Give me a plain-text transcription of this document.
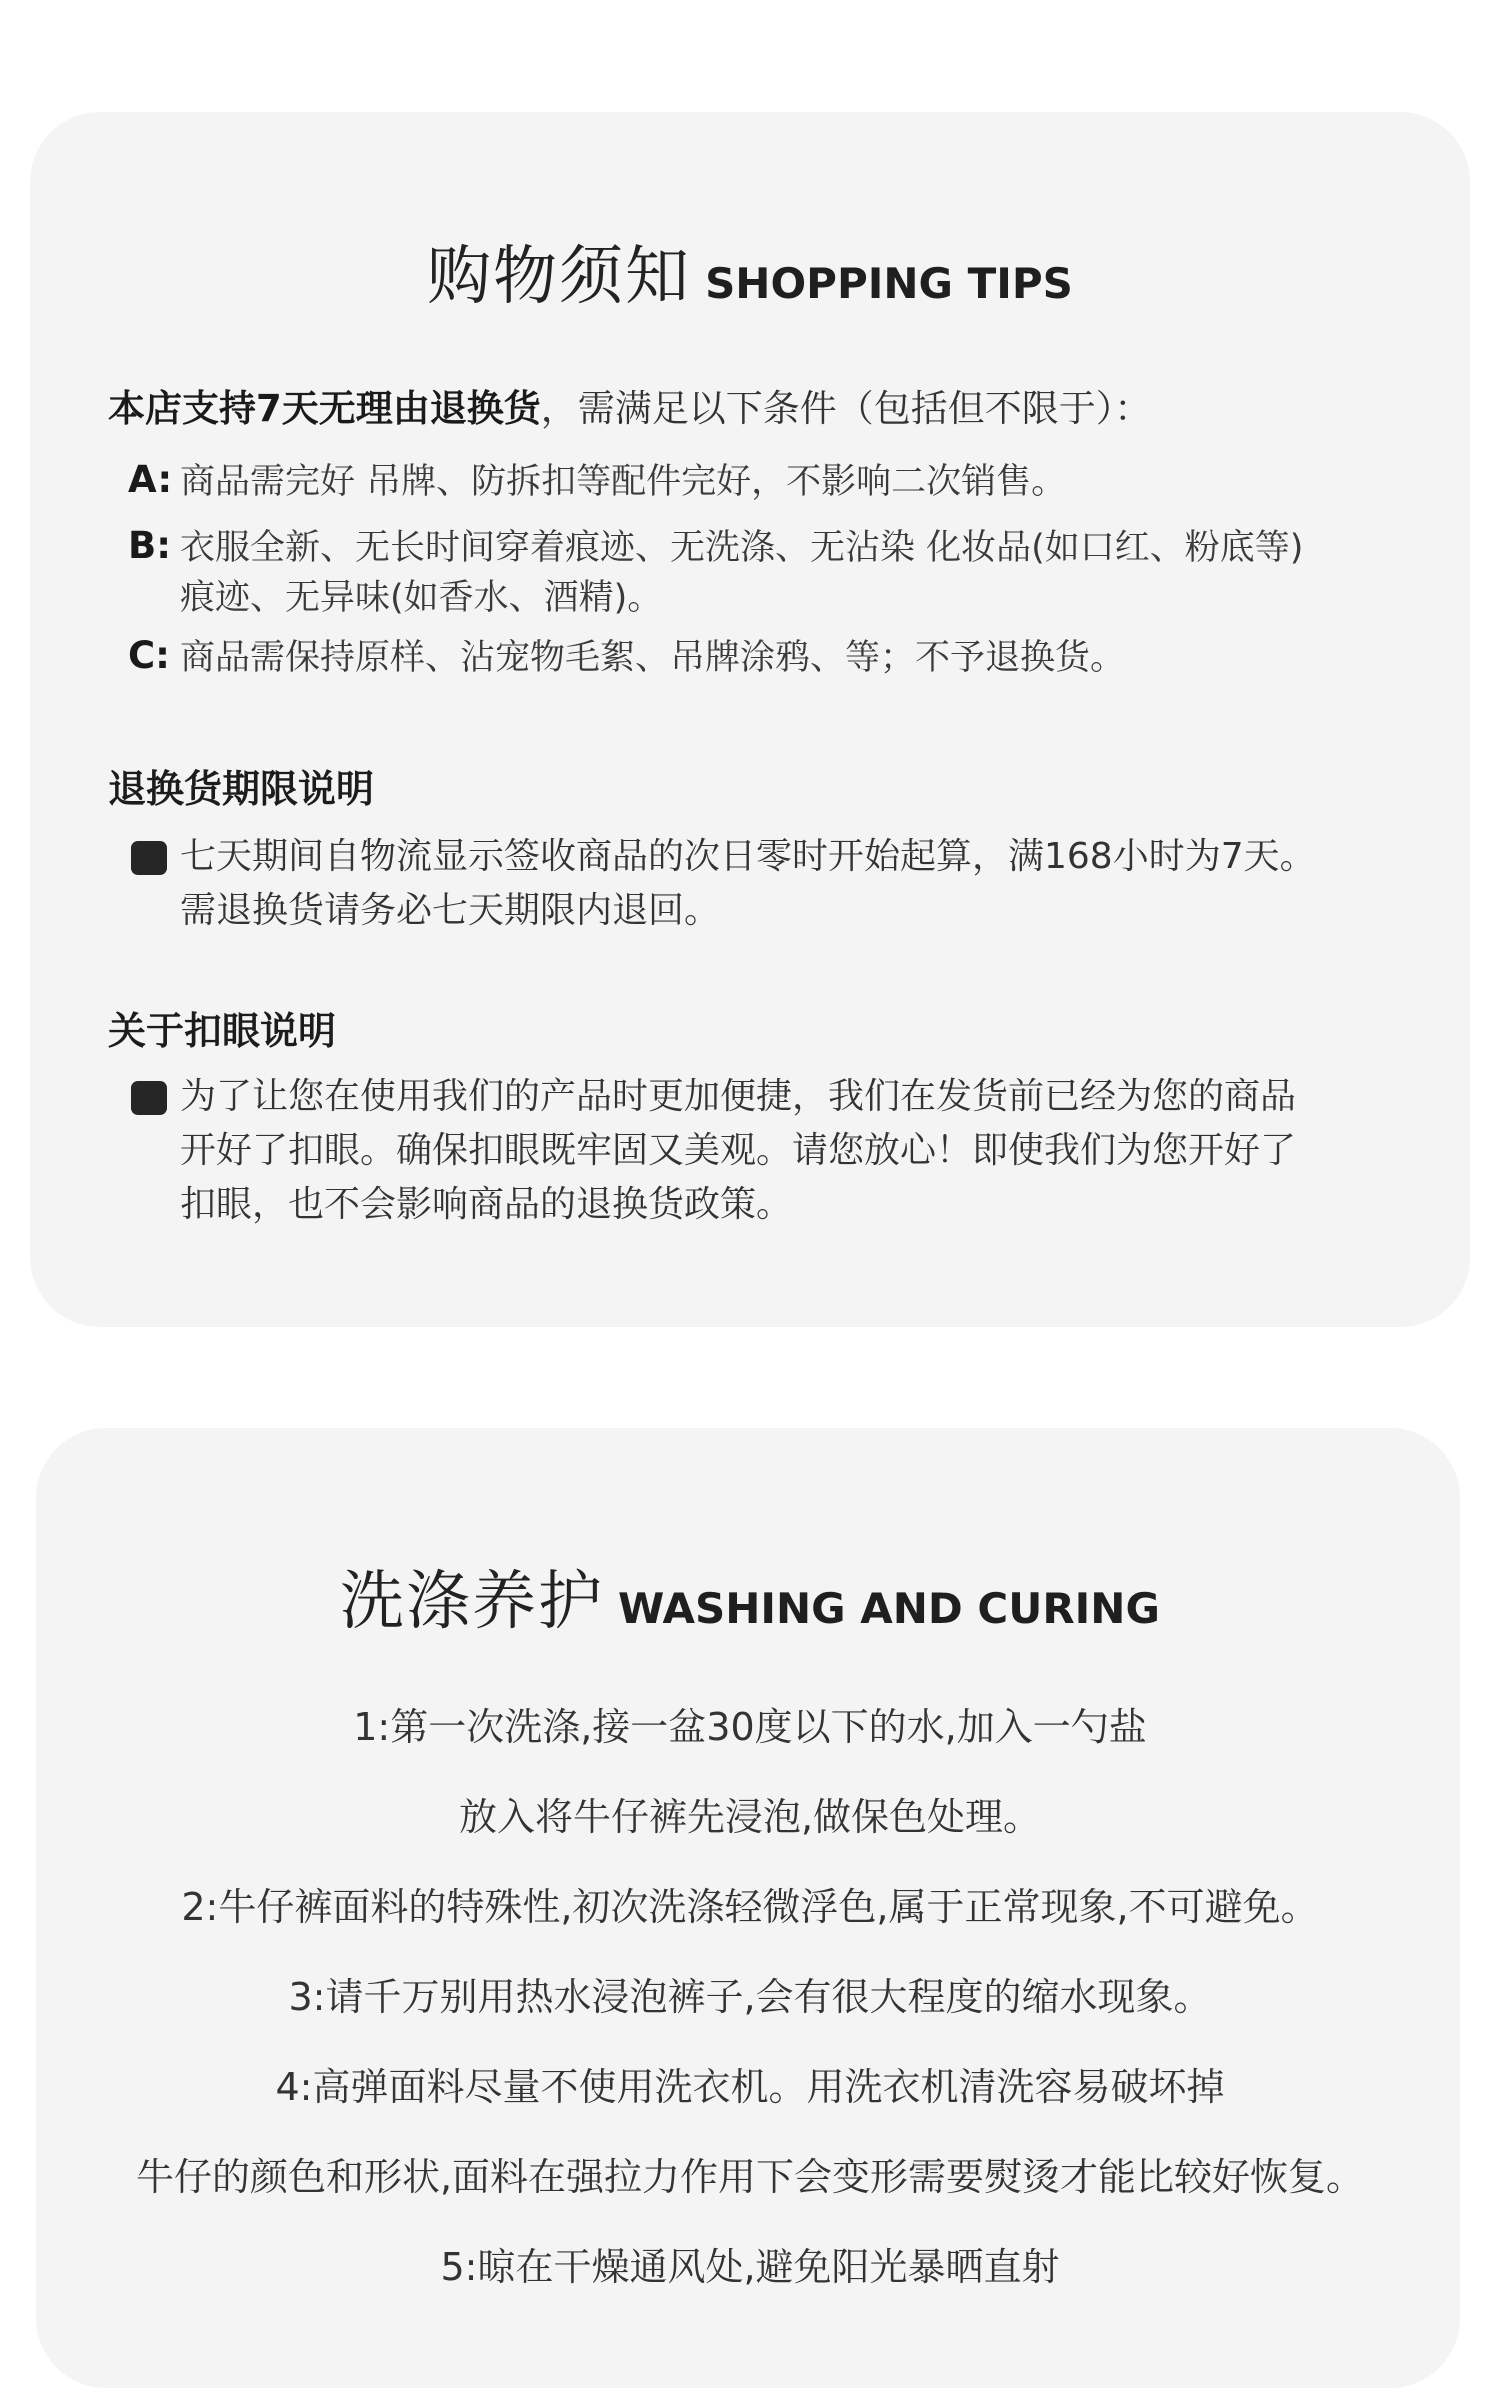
购物须知 SHOPPING TIPS
本店支持7天无理由退换货，需满足以下条件（包括但不限于）：
A: 商品需完好 吊牌、防拆扣等配件完好，不影响二次销售。
B: 衣服全新、无长时间穿着痕迹、无洗涤、无沾染 化妆品(如口红、粉底等)
痕迹、无异味(如香水、酒精)。
C: 商品需保持原样、沾宠物毛絮、吊牌涂鸦、等；不予退换货。
退换货期限说明
七天期间自物流显示签收商品的次日零时开始起算，满168小时为7天。
需退换货请务必七天期限内退回。
关于扣眼说明
为了让您在使用我们的产品时更加便捷，我们在发货前已经为您的商品
开好了扣眼。确保扣眼既牢固又美观。请您放心！即使我们为您开好了
扣眼，也不会影响商品的退换货政策。
洗涤养护 WASHING AND CURING
1:第一次洗涤,接一盆30度以下的水,加入一勺盐
放入将牛仔裤先浸泡,做保色处理。
2:牛仔裤面料的特殊性,初次洗涤轻微浮色,属于正常现象,不可避免。
3:请千万别用热水浸泡裤子,会有很大程度的缩水现象。
4:高弹面料尽量不使用洗衣机。用洗衣机清洗容易破坏掉
牛仔的颜色和形状,面料在强拉力作用下会变形需要熨烫才能比较好恢复。
5:晾在干燥通风处,避免阳光暴晒直射
